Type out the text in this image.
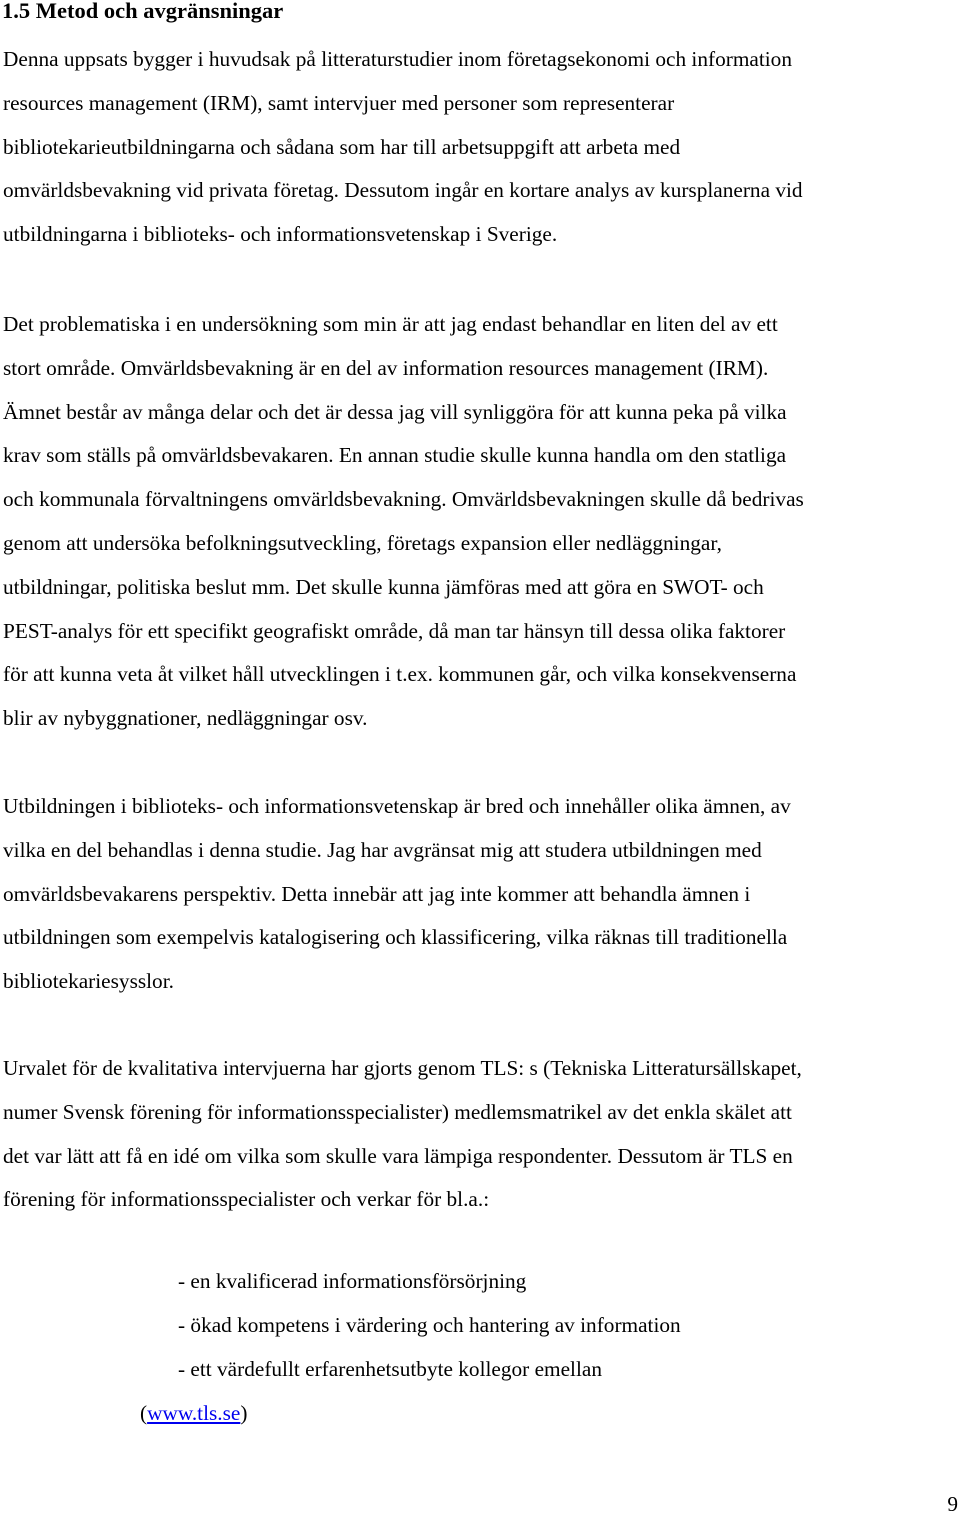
1.5 Metod och avgränsningar
Denna uppsats bygger i huvudsak på litteraturstudier inom företagsekonomi och information
resources management (IRM), samt intervjuer med personer som representerar
bibliotekarieutbildningarna och sådana som har till arbetsuppgift att arbeta med
omvärldsbevakning vid privata företag. Dessutom ingår en kortare analys av kursplanerna vid
utbildningarna i biblioteks- och informationsvetenskap i Sverige.
Det problematiska i en undersökning som min är att jag endast behandlar en liten del av ett
stort område. Omvärldsbevakning är en del av information resources management (IRM).
Ämnet består av många delar och det är dessa jag vill synliggöra för att kunna peka på vilka
krav som ställs på omvärldsbevakaren. En annan studie skulle kunna handla om den statliga
och kommunala förvaltningens omvärldsbevakning. Omvärldsbevakningen skulle då bedrivas
genom att undersöka befolkningsutveckling, företags expansion eller nedläggningar,
utbildningar, politiska beslut mm. Det skulle kunna jämföras med att göra en SWOT- och
PEST-analys för ett specifikt geografiskt område, då man tar hänsyn till dessa olika faktorer
för att kunna veta åt vilket håll utvecklingen i t.ex. kommunen går, och vilka konsekvenserna
blir av nybyggnationer, nedläggningar osv.
Utbildningen i biblioteks- och informationsvetenskap är bred och innehåller olika ämnen, av
vilka en del behandlas i denna studie. Jag har avgränsat mig att studera utbildningen med
omvärldsbevakarens perspektiv. Detta innebär att jag inte kommer att behandla ämnen i
utbildningen som exempelvis katalogisering och klassificering, vilka räknas till traditionella
bibliotekariesysslor.
Urvalet för de kvalitativa intervjuerna har gjorts genom TLS: s (Tekniska Litteratursällskapet,
numer Svensk förening för informationsspecialister) medlemsmatrikel av det enkla skälet att
det var lätt att få en idé om vilka som skulle vara lämpiga respondenter. Dessutom är TLS en
förening för informationsspecialister och verkar för bl.a.:
- en kvalificerad informationsförsörjning
- ökad kompetens i värdering och hantering av information
- ett värdefullt erfarenhetsutbyte kollegor emellan
(www.tls.se)
9
